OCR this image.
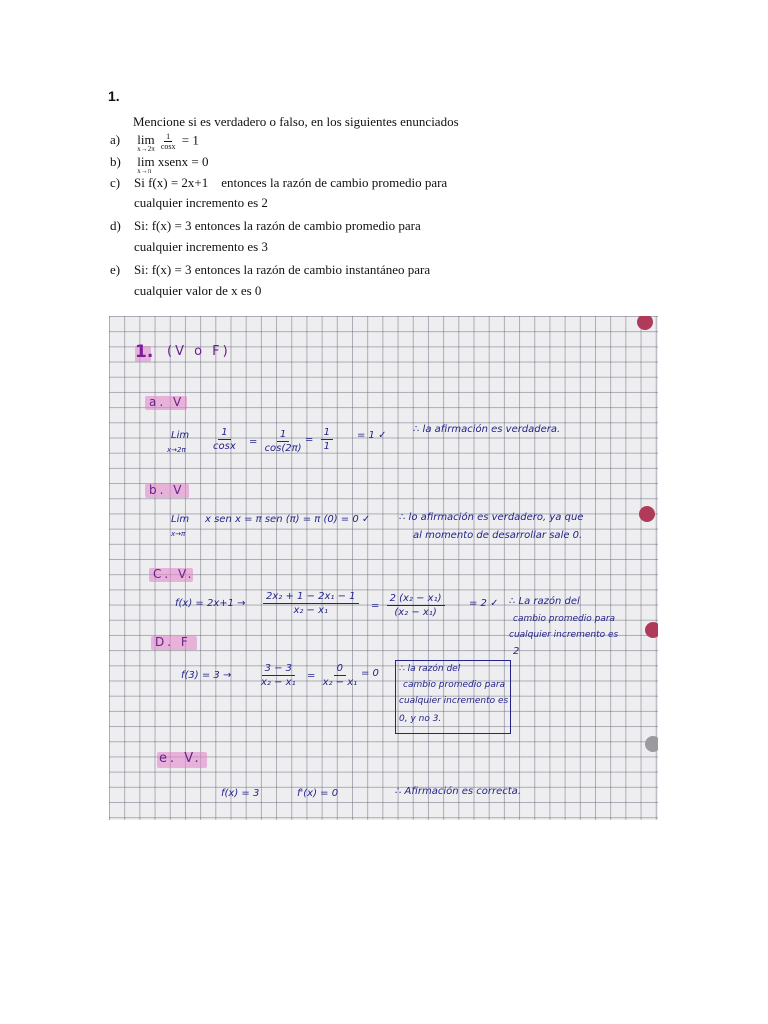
1.
Mencione si es verdadero o falso, en los siguientes enunciados
a) lim
x→2π
$\frac{1}{\cos x} = 1$
b) lim
x→π
xsenx = 0
c) Si f(x) = 2x+1    entonces la razón de cambio promedio para
cualquier incremento es 2
d) Si: f(x) = 3 entonces la razón de cambio promedio para
cualquier incremento es 3
e) Si: f(x) = 3 entonces la razón de cambio instantáneo para
cualquier valor de x es 0
1. (V o F)
a. V
Lim
x→2π	$\frac{1}{\cos x} = \frac{1}{\cos(2\pi)} = \frac{1}{1} = 1$ ✓
∴ la afirmación es verdadera.
b. V
Lim
x→π
x sen x = π sen (π) = π (0) = 0 ✓	∴ lo afirmación es verdadero, ya que
al momento de desarrollar sale 0.
C. V.
$f(x) = 2x+1 \to \frac{\text{2x₂ + 1 − 2x₁ − 1}}{\text{x₂ − x₁}} = \frac{\text{2 (x₂ − x₁)}}{\text{(x₂ − x₁)}} = 2$ ✓ ∴ La razón del
cambio promedio para
cualquier incremento es
2
D. F
f(3) = 3 →	$\frac{3 - 3}{\text{x₂ − x₁}} = \frac{0}{\text{x₂ − x₁}} = 0$ ∴ la razón del
cambio promedio para
cualquier incremento es
0, y no 3.
e. V.
f(x) = 3	f'(x) = 0	∴ Afirmación es correcta.
